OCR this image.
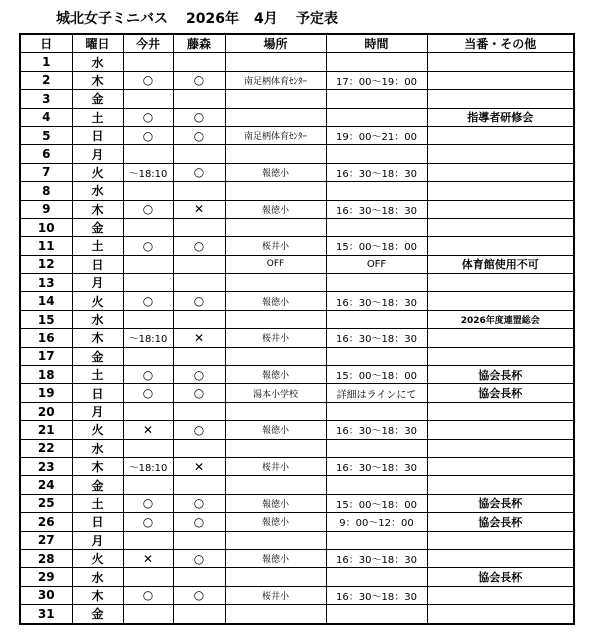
城北女子ミニバス 2026年 4月 予定表
日	曜日	今井	藤森	場所	時間	当番・その他
1	水					
2	木	○	○	南足柄体育ｾﾝﾀｰ	17：00～19：00	
3	金					
4	土	○	○			指導者研修会
5	日	○	○	南足柄体育ｾﾝﾀｰ	19：00～21：00	
6	月					
7	火	～18:10	○	報徳小	16：30～18：30	
8	水					
9	木	○	✕	報徳小	16：30～18：30	
10	金					
11	土	○	○	桜井小	15：00～18：00	
12	日			OFF	OFF	体育館使用不可
13	月					
14	火	○	○	報徳小	16：30～18：30	
15	水					2026年度連盟総会
16	木	～18:10	✕	桜井小	16：30～18：30	
17	金					
18	土	○	○	報徳小	15：00～18：00	協会長杯
19	日	○	○	湯本小学校	詳細はラインにて	協会長杯
20	月					
21	火	✕	○	報徳小	16：30～18：30	
22	水					
23	木	～18:10	✕	桜井小	16：30～18：30	
24	金					
25	土	○	○	報徳小	15：00～18：00	協会長杯
26	日	○	○	報徳小	9：00～12：00	協会長杯
27	月					
28	火	✕	○	報徳小	16：30～18：30	
29	水					協会長杯
30	木	○	○	桜井小	16：30～18：30	
31	金					
